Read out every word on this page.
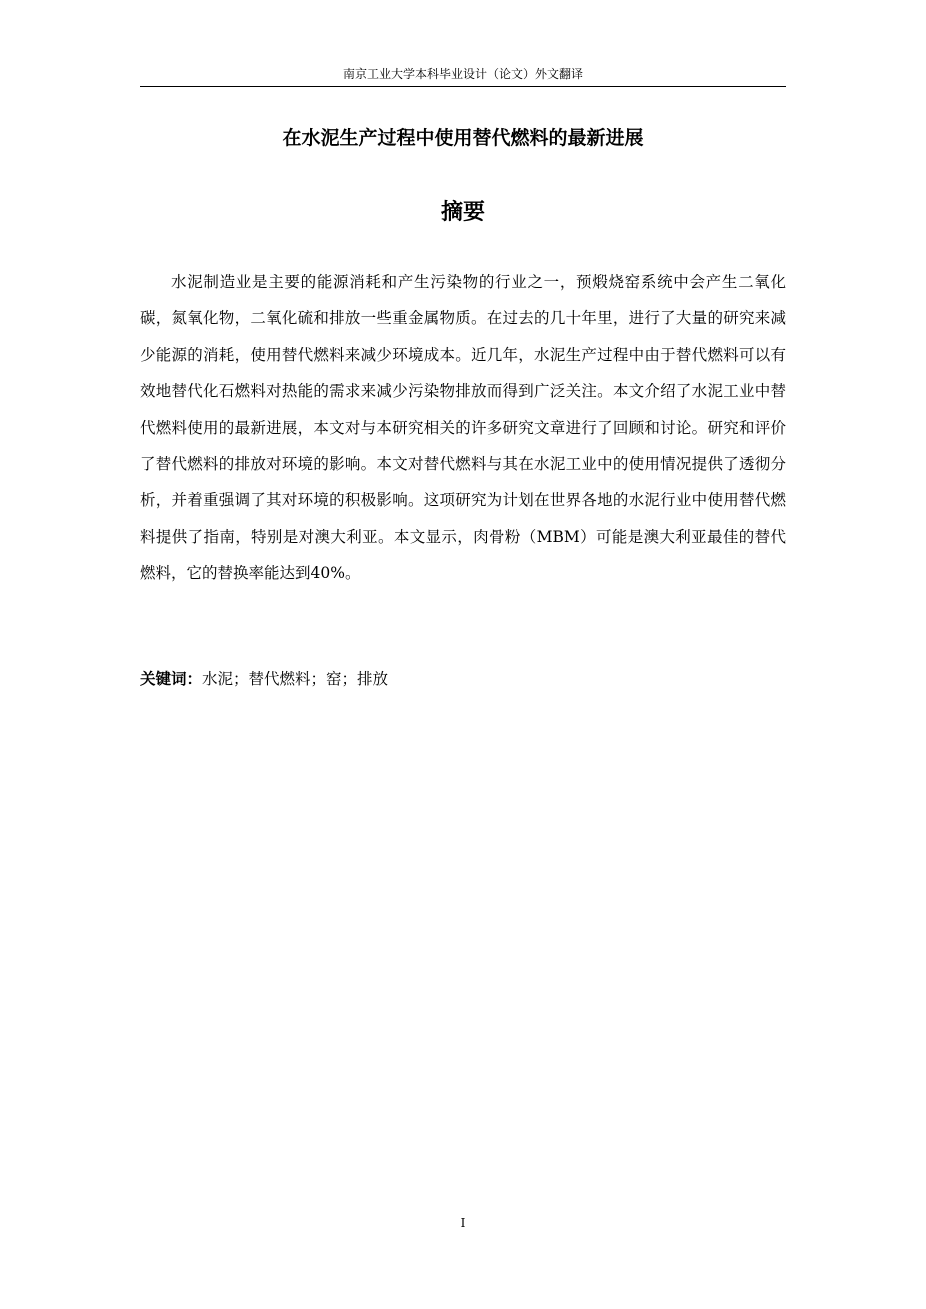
南京工业大学本科毕业设计（论文）外文翻译
在水泥生产过程中使用替代燃料的最新进展
摘要

水泥制造业是主要的能源消耗和产生污染物的行业之一，预煅烧窑系统中会产生二氧化碳，氮氧化物，二氧化硫和排放一些重金属物质。在过去的几十年里，进行了大量的研究来减少能源的消耗，使用替代燃料来减少环境成本。近几年，水泥生产过程中由于替代燃料可以有效地替代化石燃料对热能的需求来减少污染物排放而得到广泛关注。本文介绍了水泥工业中替代燃料使用的最新进展，本文对与本研究相关的许多研究文章进行了回顾和讨论。研究和评价了替代燃料的排放对环境的影响。本文对替代燃料与其在水泥工业中的使用情况提供了透彻分析，并着重强调了其对环境的积极影响。这项研究为计划在世界各地的水泥行业中使用替代燃料提供了指南，特别是对澳大利亚。本文显示，肉骨粉（MBM）可能是澳大利亚最佳的替代燃料，它的替换率能达到40%。

关键词：水泥；替代燃料；窑；排放

I
